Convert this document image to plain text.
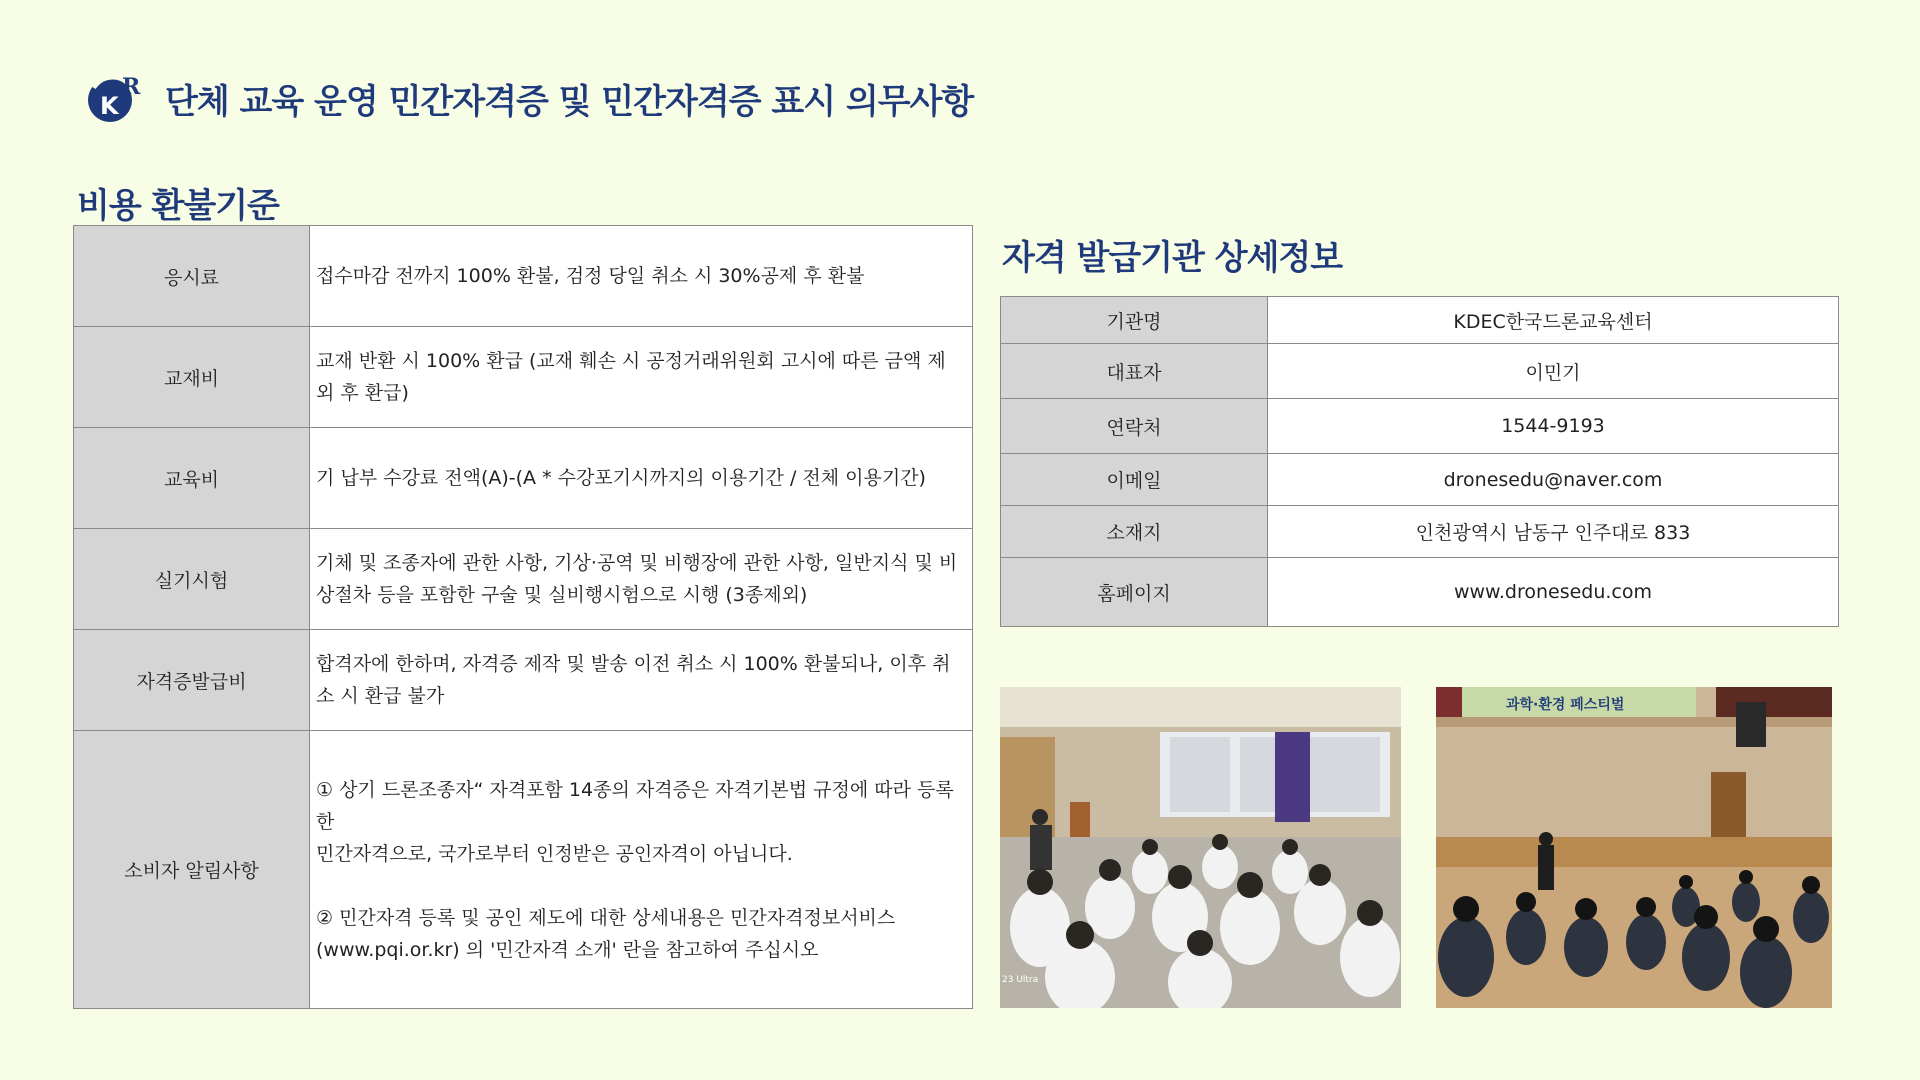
K
R 단체 교육 운영 민간자격증 및 민간자격증 표시 의무사항
비용 환불기준
응시료	접수마감 전까지 100% 환불, 검정 당일 취소 시 30%공제 후 환불

교재비	교재 반환 시 100% 환급 (교재 훼손 시 공정거래위원회 고시에 따른 금액 제
외 후 환급)

교육비	기 납부 수강료 전액(A)-(A * 수강포기시까지의 이용기간 / 전체 이용기간)

실기시험	기체 및 조종자에 관한 사항, 기상·공역 및 비행장에 관한 사항, 일반지식 및 비
상절차 등을 포함한 구술 및 실비행시험으로 시행 (3종제외)

자격증발급비	합격자에 한하며, 자격증 제작 및 발송 이전 취소 시 100% 환불되나, 이후 취
소 시 환급 불가

소비자 알림사항	① 상기 드론조종자“ 자격포함 14종의 자격증은 자격기본법 규정에 따라 등록한
민간자격으로, 국가로부터 인정받은 공인자격이 아닙니다.
② 민간자격 등록 및 공인 제도에 대한 상세내용은 민간자격정보서비스
(www.pqi.or.kr) 의 '민간자격 소개' 란을 참고하여 주십시오
자격 발급기관 상세정보
기관명	KDEC한국드론교육센터
대표자	이민기
연락처	1544-9193
이메일	dronesedu@naver.com
소재지	인천광역시 남동구 인주대로 833
홈페이지	www.dronesedu.com
23 Ultra
과학·환경 페스티벌
